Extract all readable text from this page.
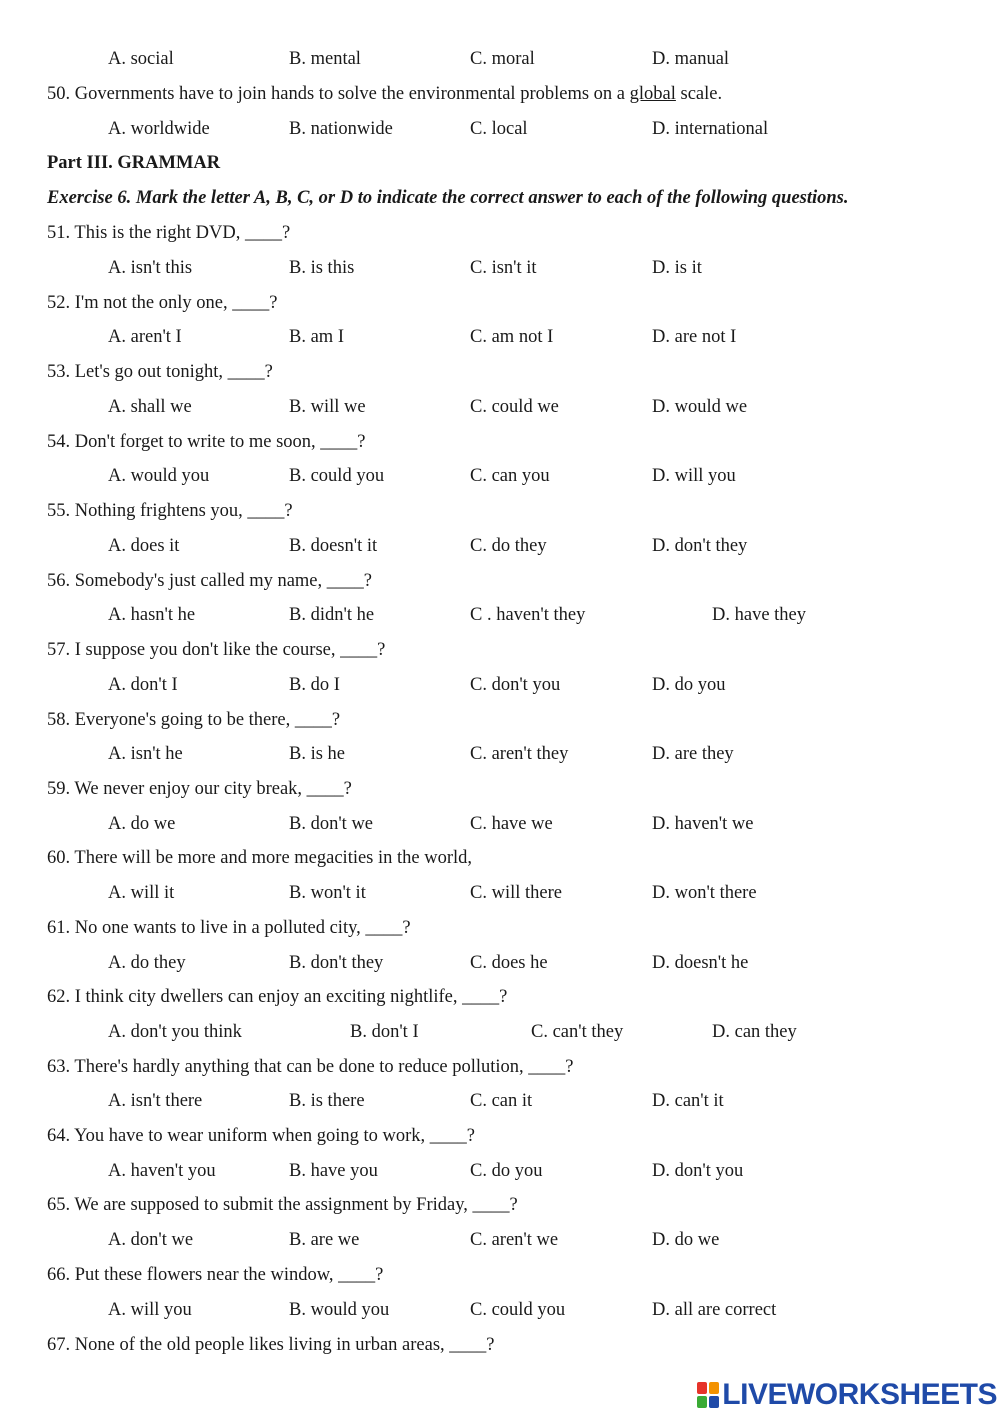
A. social	B. mental	C. moral	D. manual
50. Governments have to join hands to solve the environmental problems on a global scale.
A. worldwide	B. nationwide	C. local	D. international
Part III. GRAMMAR
Exercise 6. Mark the letter A, B, C, or D to indicate the correct answer to each of the following questions.
51. This is the right DVD, ____?
A. isn't this	B. is this	C. isn't it	D. is it
52. I'm not the only one, ____?
A. aren't I	B. am I	C. am not I	D. are not I
53. Let's go out tonight, ____?
A. shall we	B. will we	C. could we	D. would we
54. Don't forget to write to me soon, ____?
A. would you	B. could you	C. can you	D. will you
55. Nothing frightens you, ____?
A. does it	B. doesn't it	C. do they	D. don't they
56. Somebody's just called my name, ____?
A. hasn't he	B. didn't he	C . haven't they	D. have they
57. I suppose you don't like the course, ____?
A. don't I	B. do I	C. don't you	D. do you
58. Everyone's going to be there, ____?
A. isn't he	B. is he	C. aren't they	D. are they
59. We never enjoy our city break, ____?
A. do we	B. don't we	C. have we	D. haven't we
60. There will be more and more megacities in the world,
A. will it	B. won't it	C. will there	D. won't there
61. No one wants to live in a polluted city, ____?
A. do they	B. don't they	C. does he	D. doesn't he
62. I think city dwellers can enjoy an exciting nightlife, ____?
A. don't you think	B. don't I	C. can't they	D. can they
63. There's hardly anything that can be done to reduce pollution, ____?
A. isn't there	B. is there	C. can it	D. can't it
64. You have to wear uniform when going to work, ____?
A. haven't you	B. have you	C. do you	D. don't you
65. We are supposed to submit the assignment by Friday, ____?
A. don't we	B. are we	C. aren't we	D. do we
66. Put these flowers near the window, ____?
A. will you	B. would you	C. could you	D. all are correct
67. None of the old people likes living in urban areas, ____?
LIVEWORKSHEETS
